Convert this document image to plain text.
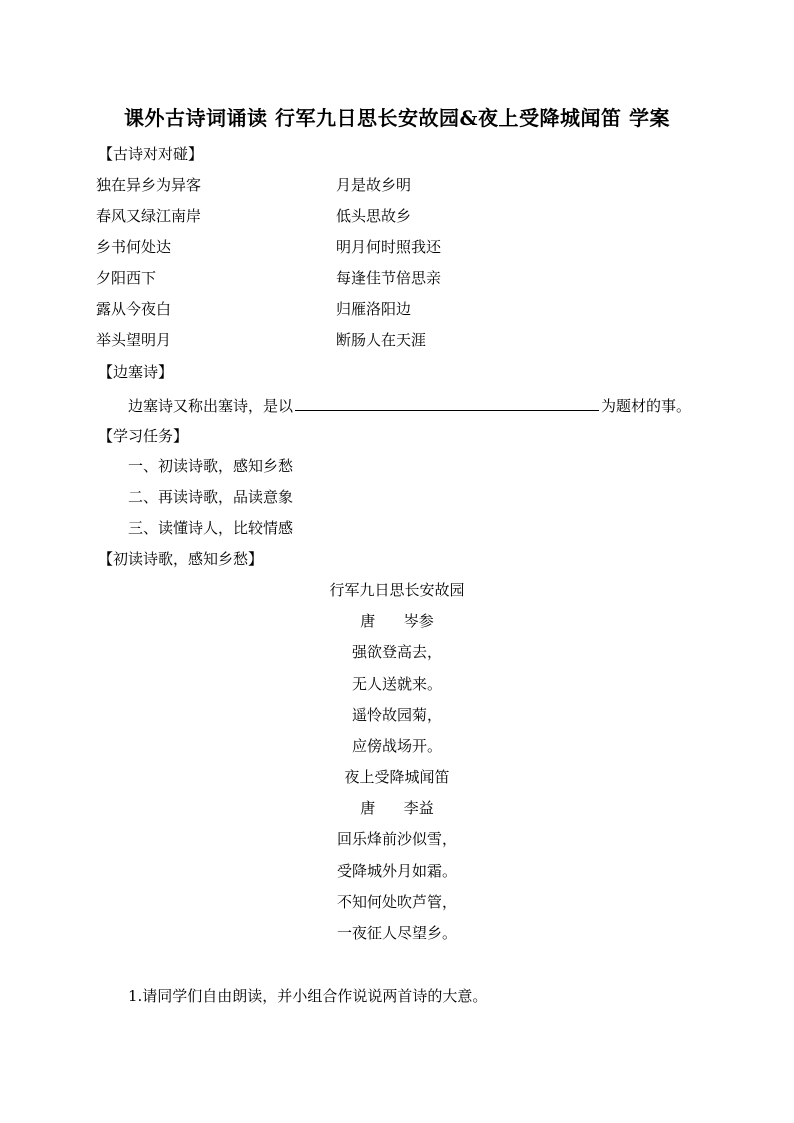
课外古诗词诵读 行军九日思长安故园&夜上受降城闻笛 学案
【古诗对对碰】
独在异乡为异客	月是故乡明
春风又绿江南岸	低头思故乡
乡书何处达	明月何时照我还
夕阳西下	每逢佳节倍思亲
露从今夜白	归雁洛阳边
举头望明月	断肠人在天涯
【边塞诗】
边塞诗又称出塞诗，是以	为题材的事。
【学习任务】
一、初读诗歌，感知乡愁
二、再读诗歌，品读意象
三、读懂诗人，比较情感
【初读诗歌，感知乡愁】
行军九日思长安故园
唐      岑参
强欲登高去，
无人送就来。
遥怜故园菊，
应傍战场开。
夜上受降城闻笛
唐      李益
回乐烽前沙似雪，
受降城外月如霜。
不知何处吹芦管，
一夜征人尽望乡。
1.请同学们自由朗读，并小组合作说说两首诗的大意。
